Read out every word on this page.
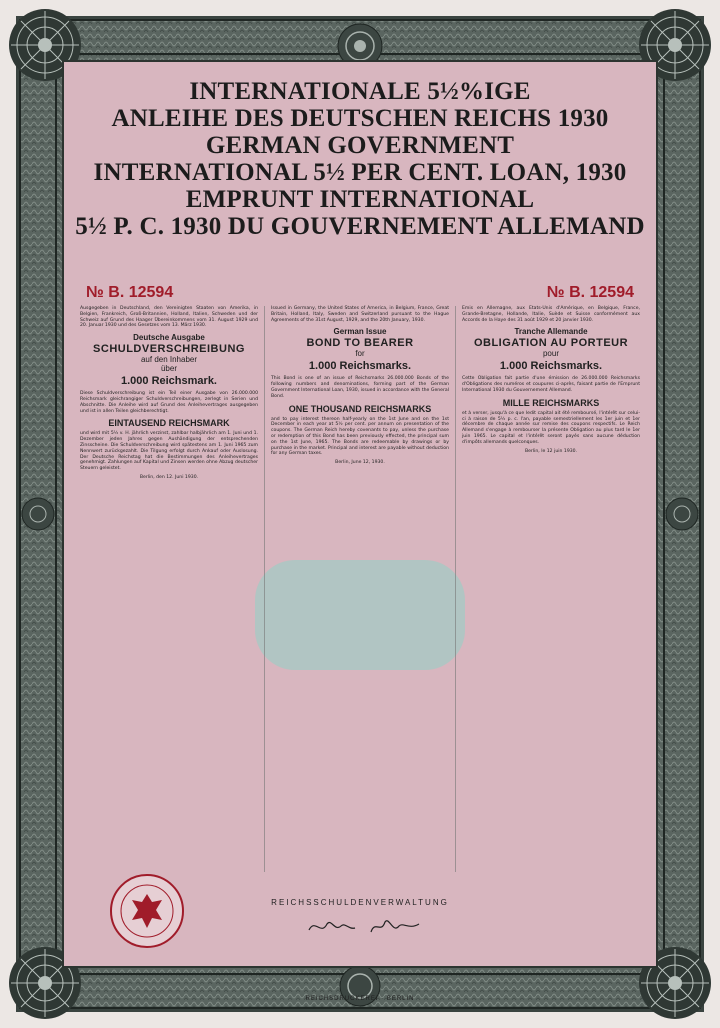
INTERNATIONALE 5½%IGE
ANLEIHE DES DEUTSCHEN REICHS 1930
GERMAN GOVERNMENT
INTERNATIONAL 5½ PER CENT. LOAN, 1930
EMPRUNT INTERNATIONAL
5½ P. C. 1930 DU GOUVERNEMENT ALLEMAND
№ B. 12594	№ B. 12594

Ausgegeben in Deutschland, den Vereinigten Staaten von Amerika, in Belgien, Frankreich, Groß-Britannien, Holland, Italien, Schweden und der Schweiz auf Grund des Haager Übereinkommens vom 31. August 1929 und 20. Januar 1930 und des Gesetzes vom 13. März 1930.

Deutsche Ausgabe
SCHULDVERSCHREIBUNG
auf den Inhaber
über
1.000 Reichsmark.

Diese Schuldverschreibung ist ein Teil einer Ausgabe von 26.000.000 Reichsmark gleichrangiger Schuldverschreibungen, zerlegt in Serien und Abschnitte. Die Anleihe wird auf Grund des Anleihevertrages ausgegeben und ist in allen Teilen gleichberechtigt.

EINTAUSEND REICHSMARK

und wird mit 5½ v. H. jährlich verzinst, zahlbar halbjährlich am 1. Juni und 1. Dezember jeden Jahres gegen Aushändigung der entsprechenden Zinsscheine. Die Schuldverschreibung wird spätestens am 1. Juni 1965 zum Nennwert zurückgezahlt. Die Tilgung erfolgt durch Ankauf oder Auslosung. Der Deutsche Reichstag hat die Bestimmungen des Anleihevertrages genehmigt. Zahlungen auf Kapital und Zinsen werden ohne Abzug deutscher Steuern geleistet.

Berlin, den 12. Juni 1930.

Issued in Germany, the United States of America, in Belgium, France, Great Britain, Holland, Italy, Sweden and Switzerland pursuant to the Hague Agreements of the 31st August, 1929, and the 20th January, 1930.

German Issue
BOND TO BEARER
for
1.000 Reichsmarks.

This Bond is one of an issue of Reichsmarks 26.000.000 Bonds of the following numbers and denominations, forming part of the German Government International Loan, 1930, issued in accordance with the General Bond.

ONE THOUSAND REICHSMARKS

and to pay interest thereon half-yearly on the 1st June and on the 1st December in each year at 5½ per cent. per annum on presentation of the coupons. The German Reich hereby covenants to pay, unless the purchase or redemption of this Bond has been previously effected, the principal sum on the 1st June, 1965. The Bonds are redeemable by drawings or by purchase in the market. Principal and interest are payable without deduction for any German taxes.

Berlin, June 12, 1930.

Emis en Allemagne, aux Etats-Unis d'Amérique, en Belgique, France, Grande-Bretagne, Hollande, Italie, Suède et Suisse conformément aux Accords de la Haye des 31 août 1929 et 20 janvier 1930.

Tranche Allemande
OBLIGATION AU PORTEUR
pour
1.000 Reichsmarks.

Cette Obligation fait partie d'une émission de 26.000.000 Reichsmarks d'Obligations des numéros et coupures ci-après, faisant partie de l'Emprunt International 1930 du Gouvernement Allemand.

MILLE REICHSMARKS

et à verser, jusqu'à ce que ledit capital ait été remboursé, l'intérêt sur celui-ci à raison de 5½ p. c. l'an, payable semestriellement les 1er juin et 1er décembre de chaque année sur remise des coupons respectifs. Le Reich Allemand s'engage à rembourser la présente Obligation au plus tard le 1er juin 1965. Le capital et l'intérêt seront payés sans aucune déduction d'impôts allemands quelconques.

Berlin, le 12 juin 1930.
REICHSSCHULDENVERWALTUNG
REICHSDRUCKEREI · BERLIN
